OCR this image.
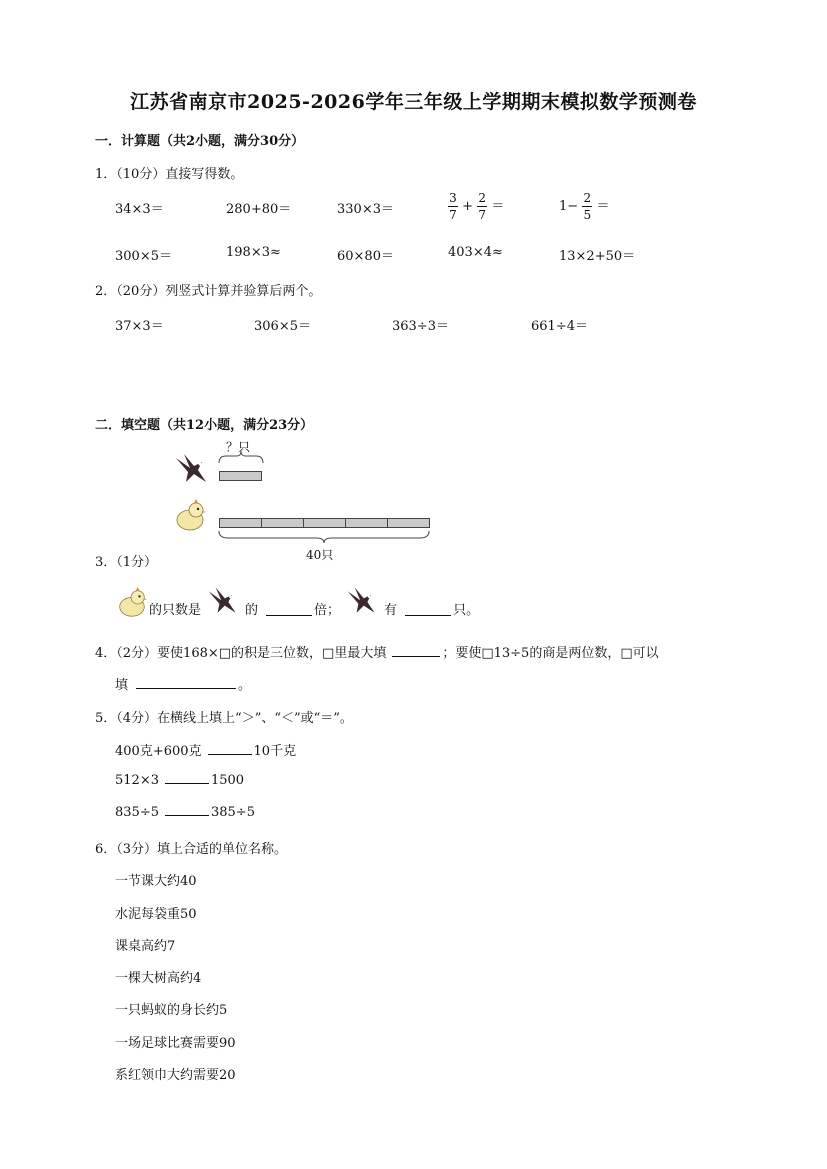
江苏省南京市2025-2026学年三年级上学期期末模拟数学预测卷
一．计算题（共2小题，满分30分）
1．（10分）直接写得数。
34×3＝	280+80＝	330×3＝	$\frac{3}{7} + \frac{2}{7}$ ＝	$1- \frac{2}{5}$ ＝
300×5＝	198×3≈	60×80＝	403×4≈	13×2+50＝
2．（20分）列竖式计算并验算后两个。
37×3＝	306×5＝	363÷3＝	661÷4＝
二．填空题（共12小题，满分23分）
？只
40只
3．（1分）
的只数是	的	倍；	有	只。
4．（2分）要使168×□的积是三位数，□里最大填	；要使□13÷5的商是两位数，□可以
填	。
5．（4分）在横线上填上“＞”、“＜”或“＝”。
400克+600克	10千克
512×3	1500
835÷5	385÷5
6．（3分）填上合适的单位名称。
一节课大约40
水泥每袋重50
课桌高约7
一棵大树高约4
一只蚂蚁的身长约5
一场足球比赛需要90
系红领巾大约需要20
